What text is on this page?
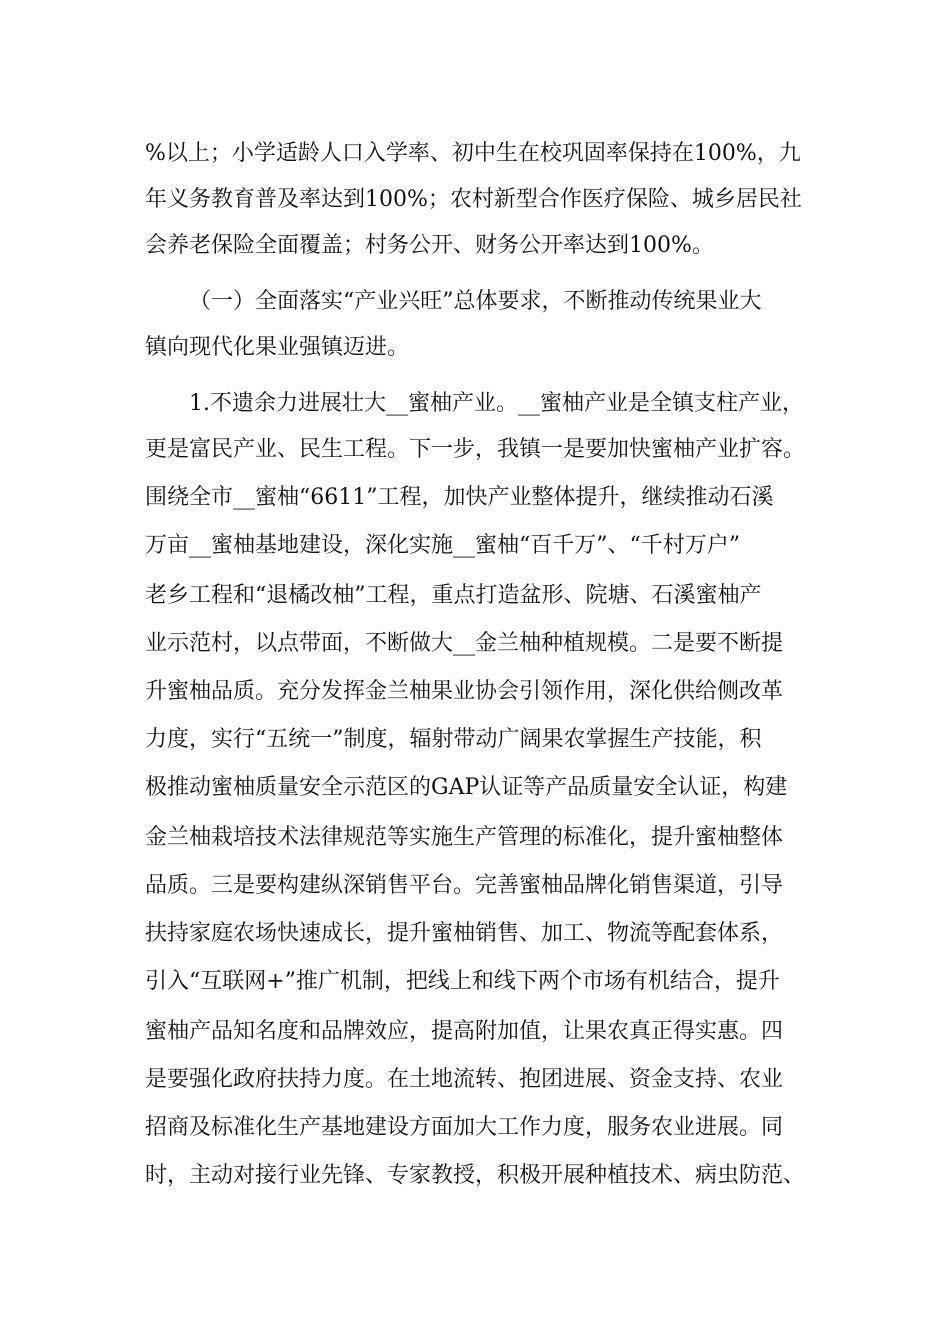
%以上；小学适龄人口入学率、初中生在校巩固率保持在100%，九
年义务教育普及率达到100%；农村新型合作医疗保险、城乡居民社
会养老保险全面覆盖；村务公开、财务公开率达到100%。
（一）全面落实“产业兴旺”总体要求，不断推动传统果业大
镇向现代化果业强镇迈进。
1.不遗余力进展壮大__蜜柚产业。__蜜柚产业是全镇支柱产业，
更是富民产业、民生工程。下一步，我镇一是要加快蜜柚产业扩容。
围绕全市__蜜柚“6611”工程，加快产业整体提升，继续推动石溪
万亩__蜜柚基地建设，深化实施__蜜柚“百千万”、“千村万户”
老乡工程和“退橘改柚”工程，重点打造盆形、院塘、石溪蜜柚产
业示范村，以点带面，不断做大__金兰柚种植规模。二是要不断提
升蜜柚品质。充分发挥金兰柚果业协会引领作用，深化供给侧改革
力度，实行“五统一”制度，辐射带动广阔果农掌握生产技能，积
极推动蜜柚质量安全示范区的GAP认证等产品质量安全认证，构建
金兰柚栽培技术法律规范等实施生产管理的标准化，提升蜜柚整体
品质。三是要构建纵深销售平台。完善蜜柚品牌化销售渠道，引导
扶持家庭农场快速成长，提升蜜柚销售、加工、物流等配套体系，
引入“互联网+”推广机制，把线上和线下两个市场有机结合，提升
蜜柚产品知名度和品牌效应，提高附加值，让果农真正得实惠。四
是要强化政府扶持力度。在土地流转、抱团进展、资金支持、农业
招商及标准化生产基地建设方面加大工作力度，服务农业进展。同
时，主动对接行业先锋、专家教授，积极开展种植技术、病虫防范、
